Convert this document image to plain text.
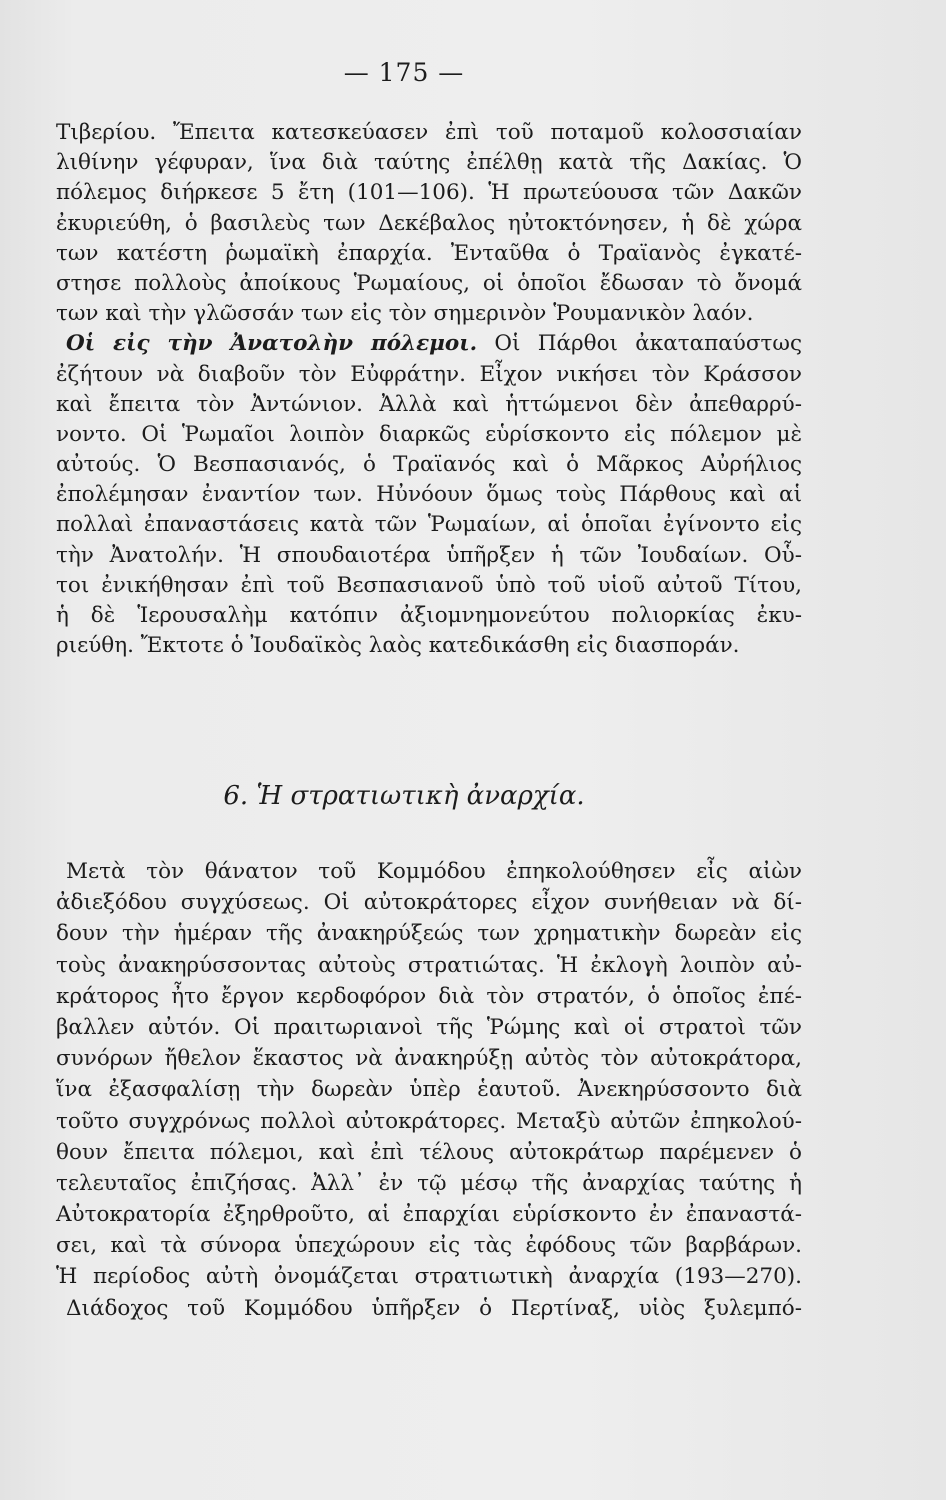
— 175 —
Τιβερίου. Ἔπειτα κατεσκεύασεν ἐπὶ τοῦ ποταμοῦ κολοσσιαίαν
λιθίνην γέφυραν, ἵνα διὰ ταύτης ἐπέλθῃ κατὰ τῆς Δακίας. Ὁ
πόλεμος διήρκεσε 5 ἔτη (101—106). Ἡ πρωτεύουσα τῶν Δακῶν
ἐκυριεύθη, ὁ βασιλεὺς των Δεκέβαλος ηὐτοκτόνησεν, ἡ δὲ χώρα
των κατέστη ῥωμαϊκὴ ἐπαρχία. Ἐνταῦθα ὁ Τραϊανὸς ἐγκατέ-
στησε πολλοὺς ἀποίκους Ῥωμαίους, οἱ ὁποῖοι ἔδωσαν τὸ ὄνομά
των καὶ τὴν γλῶσσάν των εἰς τὸν σημερινὸν Ῥουμανικὸν λαόν.
Οἱ εἰς τὴν Ἀνατολὴν πόλεμοι. Οἱ Πάρθοι ἀκαταπαύστως
ἐζήτουν νὰ διαβοῦν τὸν Εὐφράτην. Εἶχον νικήσει τὸν Κράσσον
καὶ ἔπειτα τὸν Ἀντώνιον. Ἀλλὰ καὶ ἡττώμενοι δὲν ἀπεθαρρύ-
νοντο. Οἱ Ῥωμαῖοι λοιπὸν διαρκῶς εὑρίσκοντο εἰς πόλεμον μὲ
αὐτούς. Ὁ Βεσπασιανός, ὁ Τραϊανός καὶ ὁ Μᾶρκος Αὐρήλιος
ἐπολέμησαν ἐναντίον των. Ηὐνόουν ὅμως τοὺς Πάρθους καὶ αἱ
πολλαὶ ἐπαναστάσεις κατὰ τῶν Ῥωμαίων, αἱ ὁποῖαι ἐγίνοντο εἰς
τὴν Ἀνατολήν. Ἡ σπουδαιοτέρα ὑπῆρξεν ἡ τῶν Ἰουδαίων. Οὗ-
τοι ἐνικήθησαν ἐπὶ τοῦ Βεσπασιανοῦ ὑπὸ τοῦ υἱοῦ αὐτοῦ Τίτου,
ἡ δὲ Ἱερουσαλὴμ κατόπιν ἀξιομνημονεύτου πολιορκίας ἐκυ-
ριεύθη. Ἔκτοτε ὁ Ἰουδαϊκὸς λαὸς κατεδικάσθη εἰς διασποράν.
6. Ἡ στρατιωτικὴ ἀναρχία.
Μετὰ τὸν θάνατον τοῦ Κομμόδου ἐπηκολούθησεν εἶς αἰὼν
ἀδιεξόδου συγχύσεως. Οἱ αὐτοκράτορες εἶχον συνήθειαν νὰ δί-
δουν τὴν ἡμέραν τῆς ἀνακηρύξεώς των χρηματικὴν δωρεὰν εἰς
τοὺς ἀνακηρύσσοντας αὐτοὺς στρατιώτας. Ἡ ἐκλογὴ λοιπὸν αὐ-
κράτορος ἦτο ἔργον κερδοφόρον διὰ τὸν στρατόν, ὁ ὁποῖος ἐπέ-
βαλλεν αὐτόν. Οἱ πραιτωριανοὶ τῆς Ῥώμης καὶ οἱ στρατοὶ τῶν
συνόρων ἤθελον ἕκαστος νὰ ἀνακηρύξῃ αὐτὸς τὸν αὐτοκράτορα,
ἵνα ἐξασφαλίσῃ τὴν δωρεὰν ὑπὲρ ἑαυτοῦ. Ἀνεκηρύσσοντο διὰ
τοῦτο συγχρόνως πολλοὶ αὐτοκράτορες. Μεταξὺ αὐτῶν ἐπηκολού-
θουν ἔπειτα πόλεμοι, καὶ ἐπὶ τέλους αὐτοκράτωρ παρέμενεν ὁ
τελευταῖος ἐπιζήσας. Ἀλλ᾽ ἐν τῷ μέσῳ τῆς ἀναρχίας ταύτης ἡ
Αὐτοκρατορία ἐξηρθροῦτο, αἱ ἐπαρχίαι εὑρίσκοντο ἐν ἐπαναστά-
σει, καὶ τὰ σύνορα ὑπεχώρουν εἰς τὰς ἐφόδους τῶν βαρβάρων.
Ἡ περίοδος αὐτὴ ὀνομάζεται στρατιωτικὴ ἀναρχία (193—270).
Διάδοχος τοῦ Κομμόδου ὑπῆρξεν ὁ Περτίναξ, υἱὸς ξυλεμπό-
